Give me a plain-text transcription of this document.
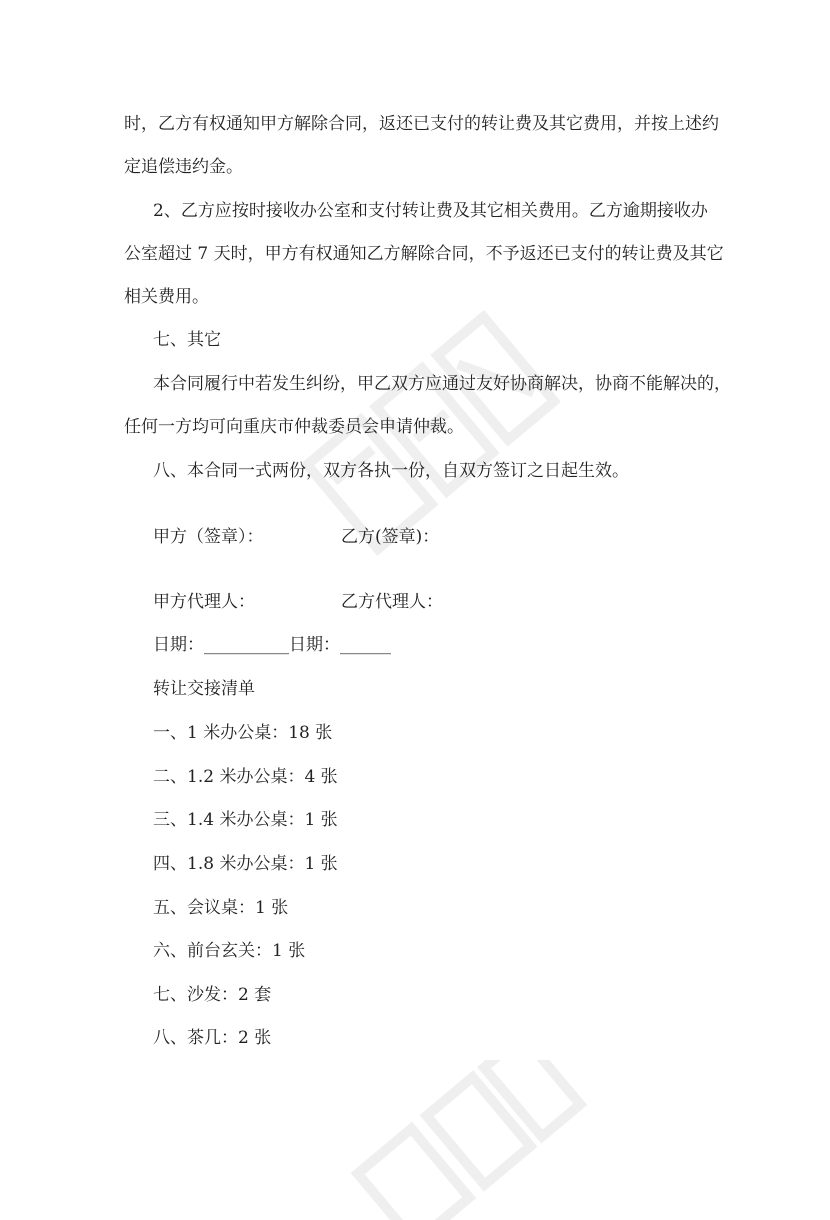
时，乙方有权通知甲方解除合同，返还已支付的转让费及其它费用，并按上述约
定追偿违约金。
2、乙方应按时接收办公室和支付转让费及其它相关费用。乙方逾期接收办
公室超过 7 天时，甲方有权通知乙方解除合同，不予返还已支付的转让费及其它
相关费用。
七、其它
本合同履行中若发生纠纷，甲乙双方应通过友好协商解决，协商不能解决的，
任何一方均可向重庆市仲裁委员会申请仲裁。
八、本合同一式两份，双方各执一份，自双方签订之日起生效。
甲方（签章）：	乙方(签章)：
甲方代理人：	乙方代理人：
日期：__________日期：______
转让交接清单
一、1 米办公桌：18 张
二、1.2 米办公桌：4 张
三、1.4 米办公桌：1 张
四、1.8 米办公桌：1 张
五、会议桌：1 张
六、前台玄关：1 张
七、沙发：2 套
八、茶几：2 张
